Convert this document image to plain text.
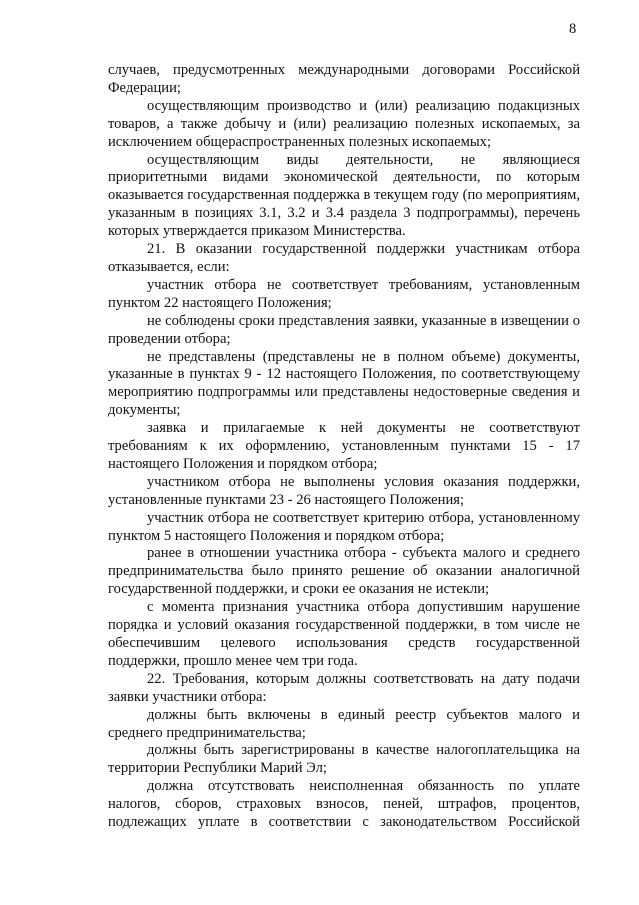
8

случаев, предусмотренных международными договорами Российской Федерации;

осуществляющим производство и (или) реализацию подакцизных товаров, а также добычу и (или) реализацию полезных ископаемых, за исключением общераспространенных полезных ископаемых;

осуществляющим виды деятельности, не являющиеся приоритетными видами экономической деятельности, по которым оказывается государственная поддержка в текущем году (по мероприятиям, указанным в позициях 3.1, 3.2 и 3.4 раздела 3 подпрограммы), перечень которых утверждается приказом Министерства.

21. В оказании государственной поддержки участникам отбора отказывается, если:

участник отбора не соответствует требованиям, установленным пунктом 22 настоящего Положения;

не соблюдены сроки представления заявки, указанные в извещении о проведении отбора;

не представлены (представлены не в полном объеме) документы, указанные в пунктах 9 - 12 настоящего Положения, по соответствующему мероприятию подпрограммы или представлены недостоверные сведения и документы;

заявка и прилагаемые к ней документы не соответствуют требованиям к их оформлению, установленным пунктами 15 - 17 настоящего Положения и порядком отбора;

участником отбора не выполнены условия оказания поддержки, установленные пунктами 23 - 26 настоящего Положения;

участник отбора не соответствует критерию отбора, установленному пунктом 5 настоящего Положения и порядком отбора;

ранее в отношении участника отбора - субъекта малого и среднего предпринимательства было принято решение об оказании аналогичной государственной поддержки, и сроки ее оказания не истекли;

с момента признания участника отбора допустившим нарушение порядка и условий оказания государственной поддержки, в том числе не обеспечившим целевого использования средств государственной поддержки, прошло менее чем три года.

22. Требования, которым должны соответствовать на дату подачи заявки участники отбора:

должны быть включены в единый реестр субъектов малого и среднего предпринимательства;

должны быть зарегистрированы в качестве налогоплательщика на территории Республики Марий Эл;

должна отсутствовать неисполненная обязанность по уплате налогов, сборов, страховых взносов, пеней, штрафов, процентов, подлежащих уплате в соответствии с законодательством Российской
